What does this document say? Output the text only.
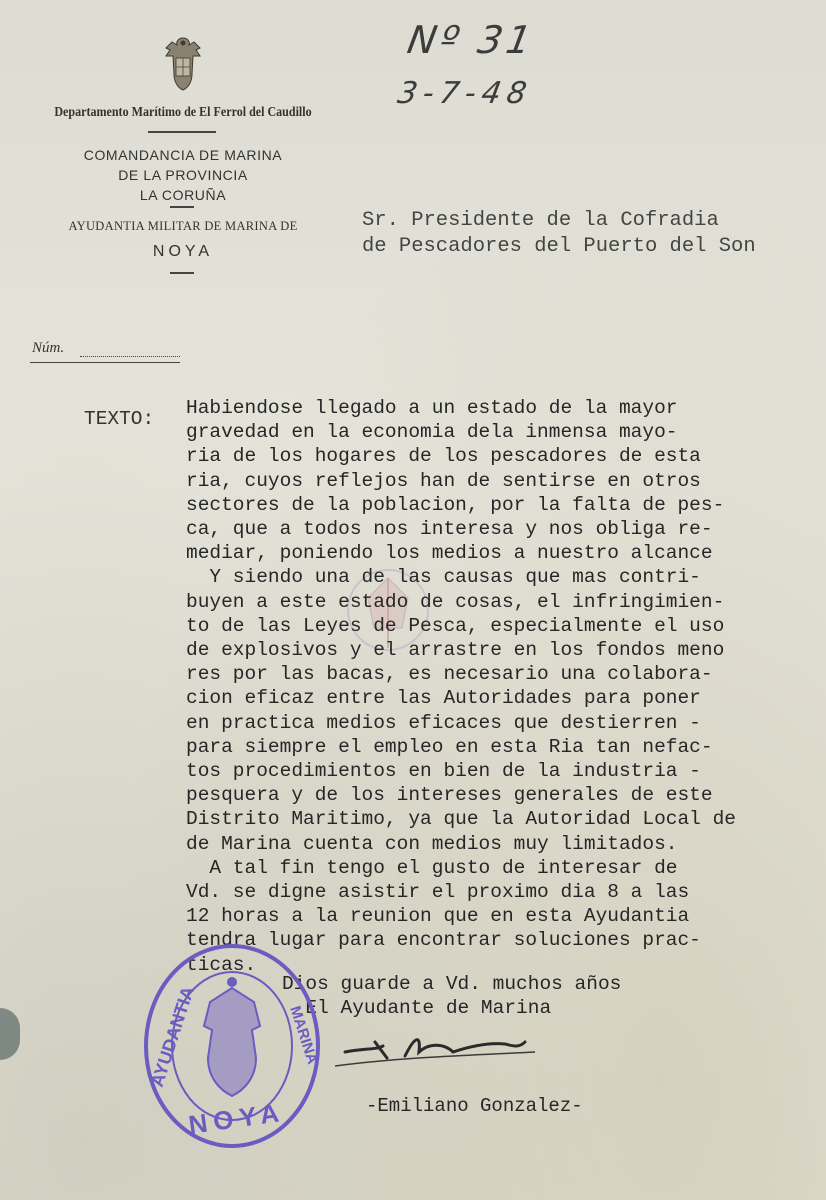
Departamento Marítimo de El Ferrol del Caudillo
COMANDANCIA DE MARINA
DE LA PROVINCIA
LA CORUÑA
AYUDANTIA MILITAR DE MARINA DE
NOYA
Nº 31
3-7-48
Sr. Presidente de la Cofradia
de Pescadores del Puerto del Son
Núm.
TEXTO: Habiendose llegado a un estado de la mayor
gravedad en la economia dela inmensa mayo-
ria de los hogares de los pescadores de esta
ria, cuyos reflejos han de sentirse en otros
sectores de la poblacion, por la falta de pes-
ca, que a todos nos interesa y nos obliga re-
mediar, poniendo los medios a nuestro alcance
Y siendo una de las causas que mas contri-
buyen a este estado de cosas, el infringimien-
to de las Leyes de Pesca, especialmente el uso
de explosivos y el arrastre en los fondos meno
res por las bacas, es necesario una colabora-
cion eficaz entre las Autoridades para poner
en practica medios eficaces que destierren -
para siempre el empleo en esta Ria tan nefac-
tos procedimientos en bien de la industria -
pesquera y de los intereses generales de este
Distrito Maritimo, ya que la Autoridad Local de
de Marina cuenta con medios muy limitados.
A tal fin tengo el gusto de interesar de
Vd. se digne asistir el proximo dia 8 a las
12 horas a la reunion que en esta Ayudantia
tendra lugar para encontrar soluciones prac-
ticas.
Dios guarde a Vd. muchos años
El Ayudante de Marina
-Emiliano Gonzalez-
AYUDANTIA	MARINA
NOYA
